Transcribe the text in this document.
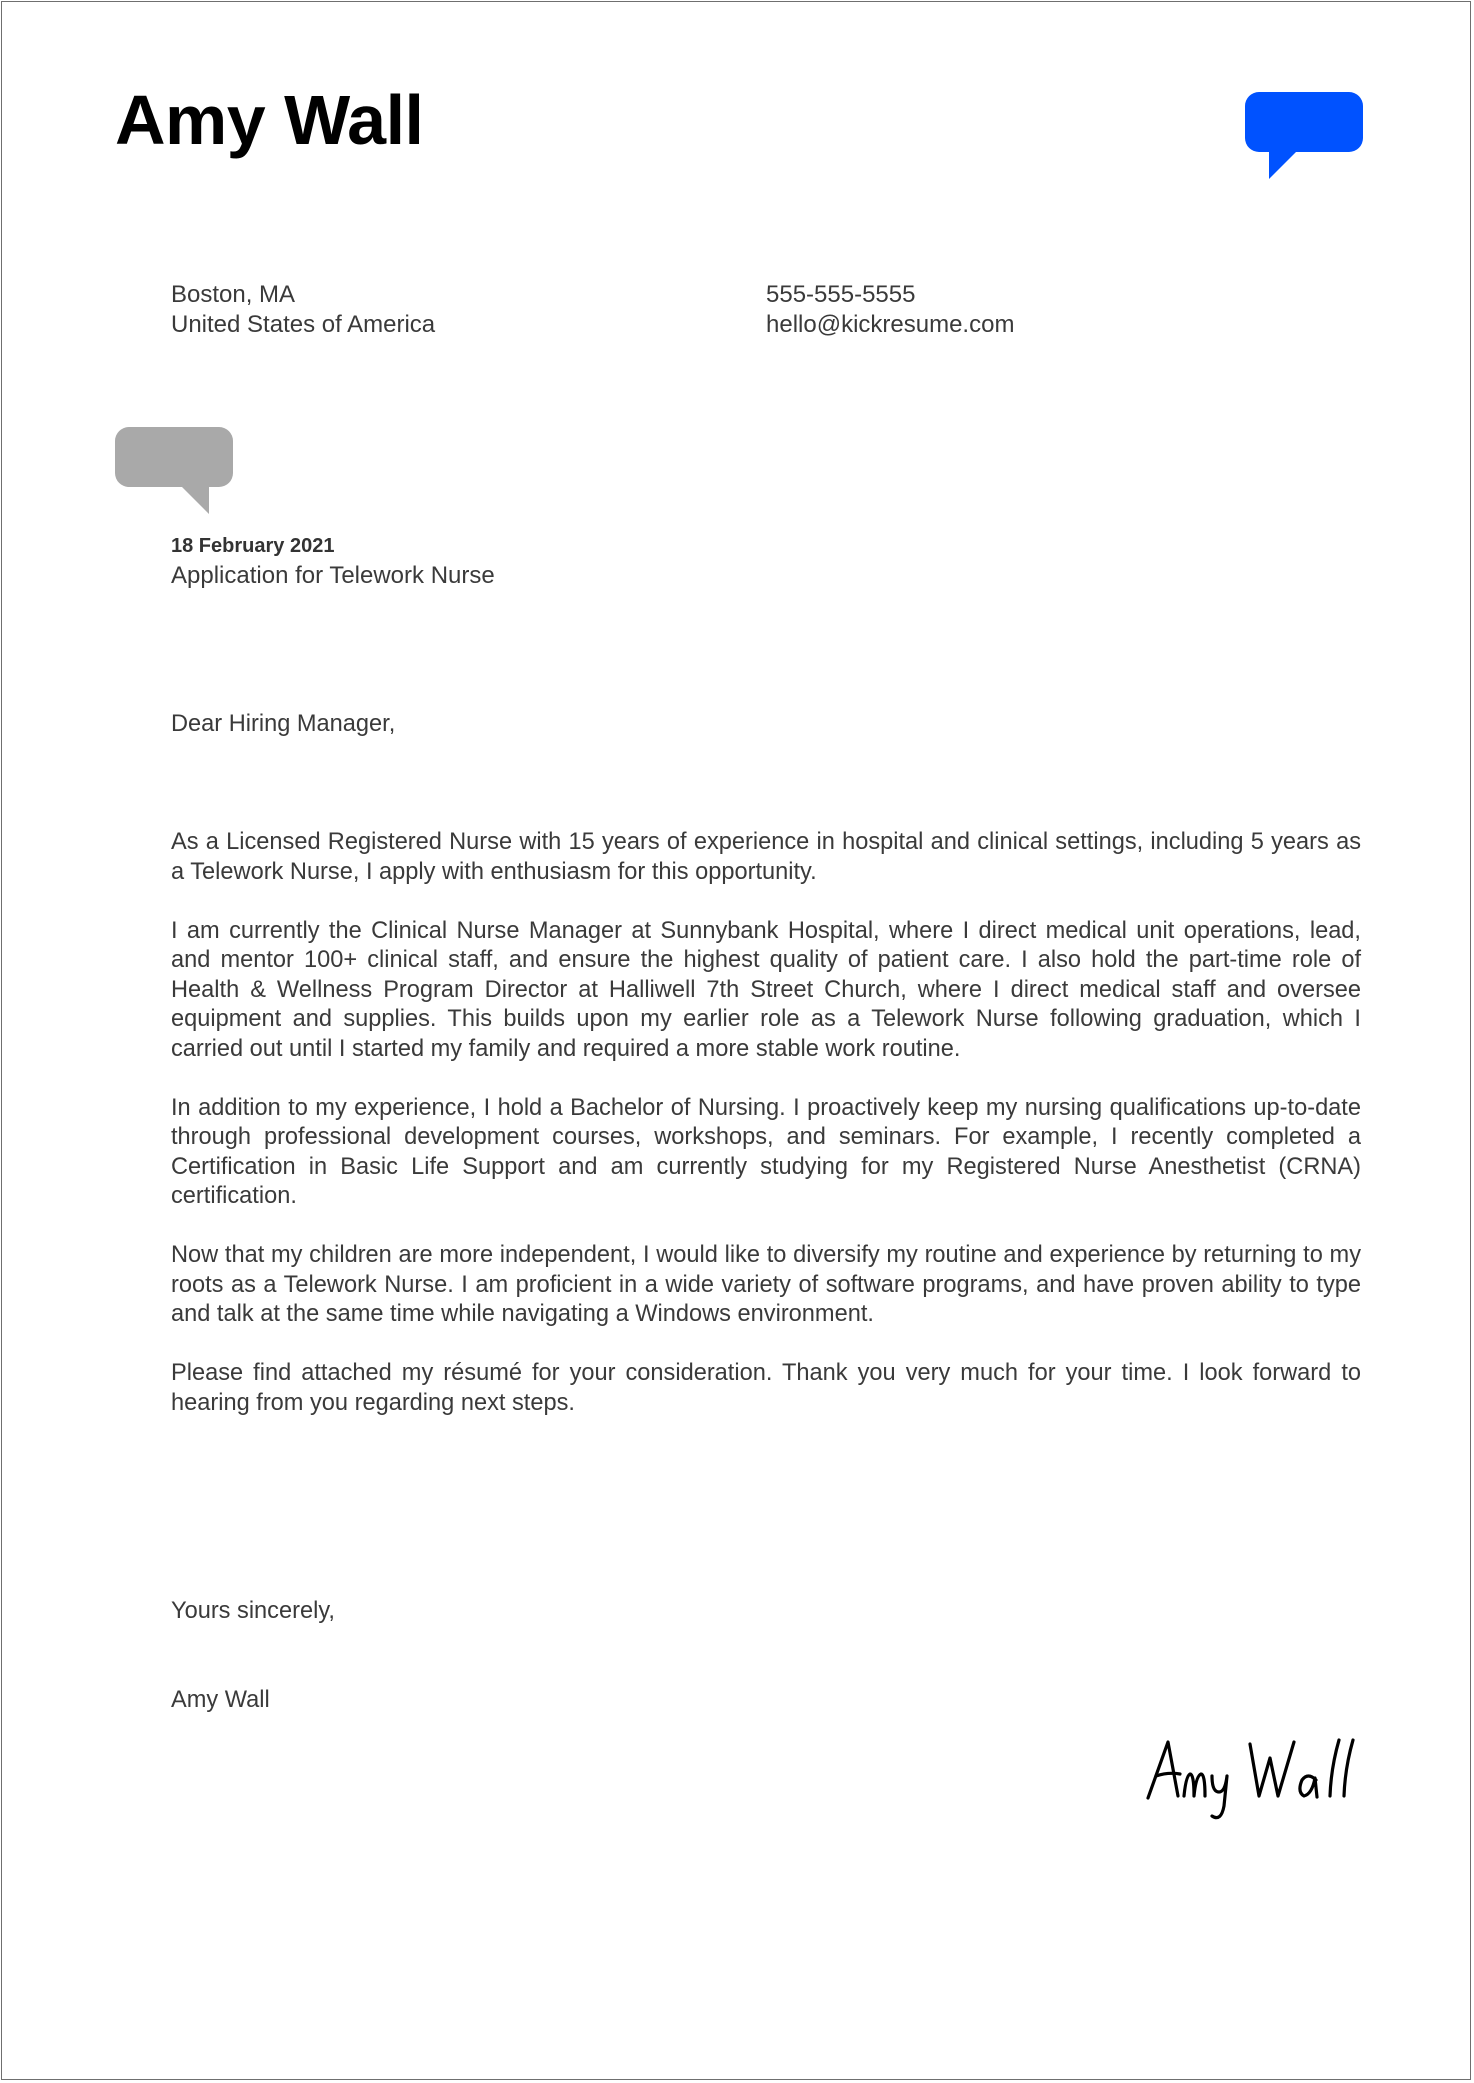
Amy Wall
Boston, MA
United States of America
555-555-5555
hello@kickresume.com
18 February 2021
Application for Telework Nurse
Dear Hiring Manager,

As a Licensed Registered Nurse with 15 years of experience in hospital and clinical settings, including 5 years as a Telework Nurse, I apply with enthusiasm for this opportunity.

I am currently the Clinical Nurse Manager at Sunnybank Hospital, where I direct medical unit operations, lead, and mentor 100+ clinical staff, and ensure the highest quality of patient care. I also hold the part-time role of Health & Wellness Program Director at Halliwell 7th Street Church, where I direct medical staff and oversee equipment and supplies. This builds upon my earlier role as a Telework Nurse following graduation, which I carried out until I started my family and required a more stable work routine.

In addition to my experience, I hold a Bachelor of Nursing. I proactively keep my nursing qualifications up-to-date through professional development courses, workshops, and seminars. For example, I recently completed a Certification in Basic Life Support and am currently studying for my Registered Nurse Anesthetist (CRNA) certification.

Now that my children are more independent, I would like to diversify my routine and experience by returning to my roots as a Telework Nurse. I am proficient in a wide variety of software programs, and have proven ability to type and talk at the same time while navigating a Windows environment.

Please find attached my résumé for your consideration. Thank you very much for your time. I look forward to hearing from you regarding next steps.

Yours sincerely,
Amy Wall
